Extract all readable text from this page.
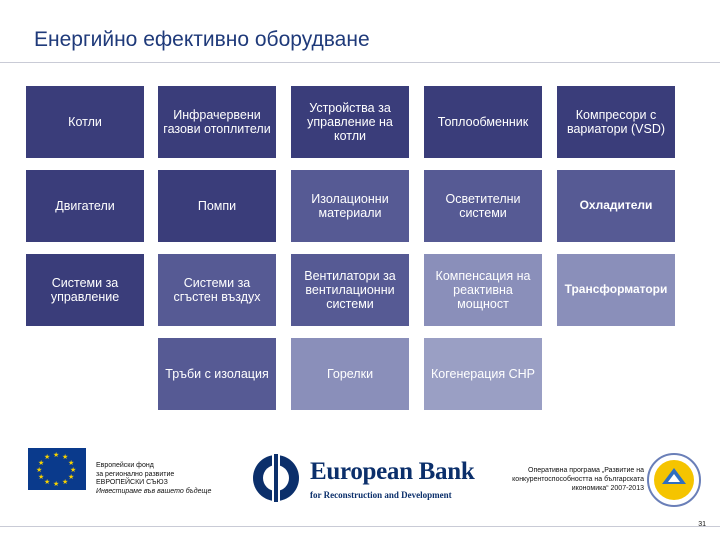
Енергийно ефективно оборудване
Котли	Инфрачервени газови отоплители
Устройства за управление на котли
Топлообменник	Компресори с вариатори (VSD)
Двигатели	Помпи	Изолационни материали
Осветителни системи
Охладители
Системи за управление
Системи за сгъстен въздух
Вентилатори за вентилационни системи
Компенсация на реактивна мощност
Трансформатори
Тръби с изолация	Горелки	Когенерация CHP
★ ★
★
★
★
★
★
★
★
★
★
★
Европейски фонд
за регионално развитие
ЕВРОПЕЙСКИ СЪЮЗ
Инвестираме във вашето бъдеще
European Bank
for Reconstruction and Development
Оперативна програма „Развитие на
конкурентоспособността на българската
икономика“ 2007-2013
31
